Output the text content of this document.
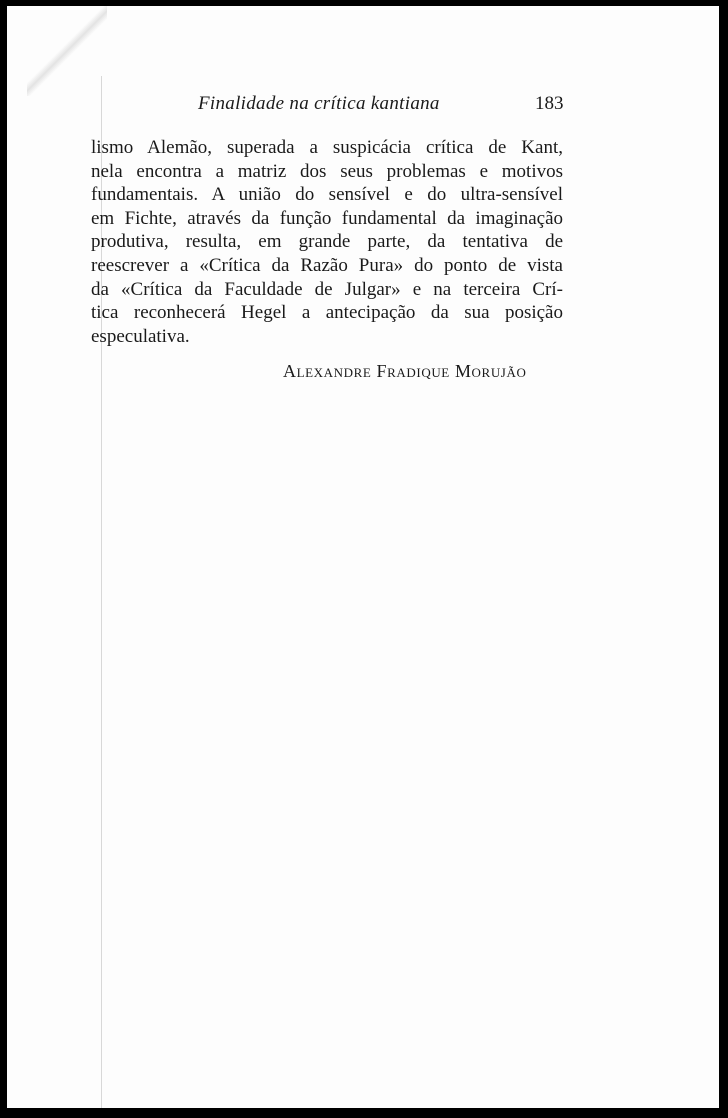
Finalidade na crítica kantiana	183
lismo Alemão, superada a suspicácia crítica de Kant,
nela encontra a matriz dos seus problemas e motivos
fundamentais. A união do sensível e do ultra-sensível
em Fichte, através da função fundamental da imaginação
produtiva, resulta, em grande parte, da tentativa de
reescrever a «Crítica da Razão Pura» do ponto de vista
da «Crítica da Faculdade de Julgar» e na terceira Crí-
tica reconhecerá Hegel a antecipação da sua posição
especulativa.
Alexandre Fradique Morujão
